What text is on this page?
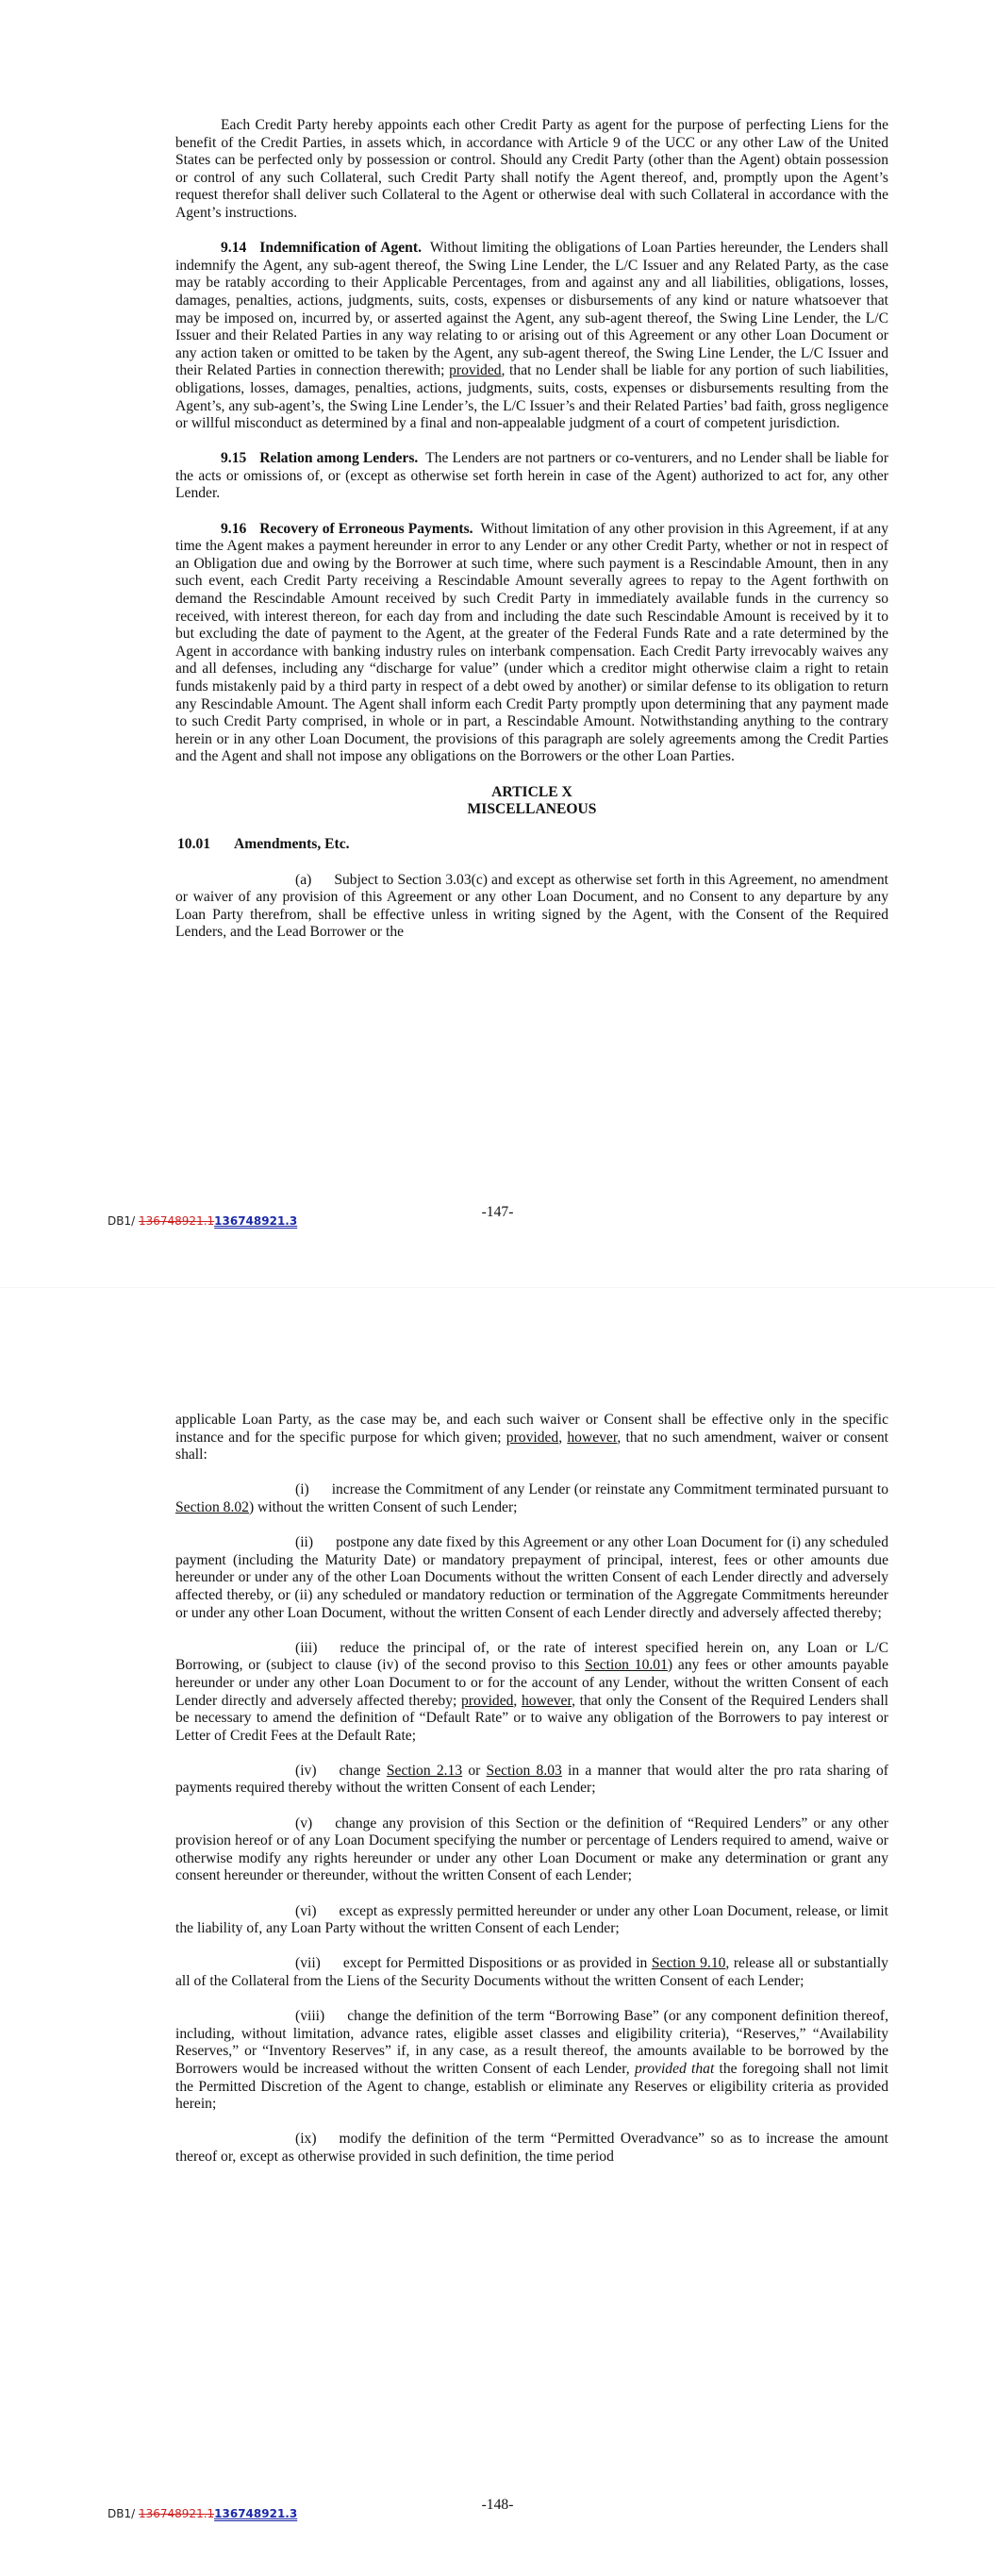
Each Credit Party hereby appoints each other Credit Party as agent for the purpose of perfecting Liens for the benefit of the Credit Parties, in assets which, in accordance with Article 9 of the UCC or any other Law of the United States can be perfected only by possession or control. Should any Credit Party (other than the Agent) obtain possession or control of any such Collateral, such Credit Party shall notify the Agent thereof, and, promptly upon the Agent’s request therefor shall deliver such Collateral to the Agent or otherwise deal with such Collateral in accordance with the Agent’s instructions.

9.14 Indemnification of Agent. Without limiting the obligations of Loan Parties hereunder, the Lenders shall indemnify the Agent, any sub-agent thereof, the Swing Line Lender, the L/C Issuer and any Related Party, as the case may be ratably according to their Applicable Percentages, from and against any and all liabilities, obligations, losses, damages, penalties, actions, judgments, suits, costs, expenses or disbursements of any kind or nature whatsoever that may be imposed on, incurred by, or asserted against the Agent, any sub-agent thereof, the Swing Line Lender, the L/C Issuer and their Related Parties in any way relating to or arising out of this Agreement or any other Loan Document or any action taken or omitted to be taken by the Agent, any sub-agent thereof, the Swing Line Lender, the L/C Issuer and their Related Parties in connection therewith; provided, that no Lender shall be liable for any portion of such liabilities, obligations, losses, damages, penalties, actions, judgments, suits, costs, expenses or disbursements resulting from the Agent’s, any sub-agent’s, the Swing Line Lender’s, the L/C Issuer’s and their Related Parties’ bad faith, gross negligence or willful misconduct as determined by a final and non-appealable judgment of a court of competent jurisdiction.

9.15 Relation among Lenders. The Lenders are not partners or co-venturers, and no Lender shall be liable for the acts or omissions of, or (except as otherwise set forth herein in case of the Agent) authorized to act for, any other Lender.

9.16 Recovery of Erroneous Payments. Without limitation of any other provision in this Agreement, if at any time the Agent makes a payment hereunder in error to any Lender or any other Credit Party, whether or not in respect of an Obligation due and owing by the Borrower at such time, where such payment is a Rescindable Amount, then in any such event, each Credit Party receiving a Rescindable Amount severally agrees to repay to the Agent forthwith on demand the Rescindable Amount received by such Credit Party in immediately available funds in the currency so received, with interest thereon, for each day from and including the date such Rescindable Amount is received by it to but excluding the date of payment to the Agent, at the greater of the Federal Funds Rate and a rate determined by the Agent in accordance with banking industry rules on interbank compensation. Each Credit Party irrevocably waives any and all defenses, including any “discharge for value” (under which a creditor might otherwise claim a right to retain funds mistakenly paid by a third party in respect of a debt owed by another) or similar defense to its obligation to return any Rescindable Amount. The Agent shall inform each Credit Party promptly upon determining that any payment made to such Credit Party comprised, in whole or in part, a Rescindable Amount. Notwithstanding anything to the contrary herein or in any other Loan Document, the provisions of this paragraph are solely agreements among the Credit Parties and the Agent and shall not impose any obligations on the Borrowers or the other Loan Parties.

ARTICLE X
MISCELLANEOUS
10.01 Amendments, Etc.

(a) Subject to Section 3.03(c) and except as otherwise set forth in this Agreement, no amendment or waiver of any provision of this Agreement or any other Loan Document, and no Consent to any departure by any Loan Party therefrom, shall be effective unless in writing signed by the Agent, with the Consent of the Required Lenders, and the Lead Borrower or the

-147-
DB1/ 136748921.1136748921.3

applicable Loan Party, as the case may be, and each such waiver or Consent shall be effective only in the specific instance and for the specific purpose for which given; provided, however, that no such amendment, waiver or consent shall:

(i) increase the Commitment of any Lender (or reinstate any Commitment terminated pursuant to Section 8.02) without the written Consent of such Lender;

(ii) postpone any date fixed by this Agreement or any other Loan Document for (i) any scheduled payment (including the Maturity Date) or mandatory prepayment of principal, interest, fees or other amounts due hereunder or under any of the other Loan Documents without the written Consent of each Lender directly and adversely affected thereby, or (ii) any scheduled or mandatory reduction or termination of the Aggregate Commitments hereunder or under any other Loan Document, without the written Consent of each Lender directly and adversely affected thereby;

(iii) reduce the principal of, or the rate of interest specified herein on, any Loan or L/C Borrowing, or (subject to clause (iv) of the second proviso to this Section 10.01) any fees or other amounts payable hereunder or under any other Loan Document to or for the account of any Lender, without the written Consent of each Lender directly and adversely affected thereby; provided, however, that only the Consent of the Required Lenders shall be necessary to amend the definition of “Default Rate” or to waive any obligation of the Borrowers to pay interest or Letter of Credit Fees at the Default Rate;

(iv) change Section 2.13 or Section 8.03 in a manner that would alter the pro rata sharing of payments required thereby without the written Consent of each Lender;

(v) change any provision of this Section or the definition of “Required Lenders” or any other provision hereof or of any Loan Document specifying the number or percentage of Lenders required to amend, waive or otherwise modify any rights hereunder or under any other Loan Document or make any determination or grant any consent hereunder or thereunder, without the written Consent of each Lender;

(vi) except as expressly permitted hereunder or under any other Loan Document, release, or limit the liability of, any Loan Party without the written Consent of each Lender;

(vii) except for Permitted Dispositions or as provided in Section 9.10, release all or substantially all of the Collateral from the Liens of the Security Documents without the written Consent of each Lender;

(viii) change the definition of the term “Borrowing Base” (or any component definition thereof, including, without limitation, advance rates, eligible asset classes and eligibility criteria), “Reserves,” “Availability Reserves,” or “Inventory Reserves” if, in any case, as a result thereof, the amounts available to be borrowed by the Borrowers would be increased without the written Consent of each Lender, provided that the foregoing shall not limit the Permitted Discretion of the Agent to change, establish or eliminate any Reserves or eligibility criteria as provided herein;

(ix) modify the definition of the term “Permitted Overadvance” so as to increase the amount thereof or, except as otherwise provided in such definition, the time period

-148-
DB1/ 136748921.1136748921.3
